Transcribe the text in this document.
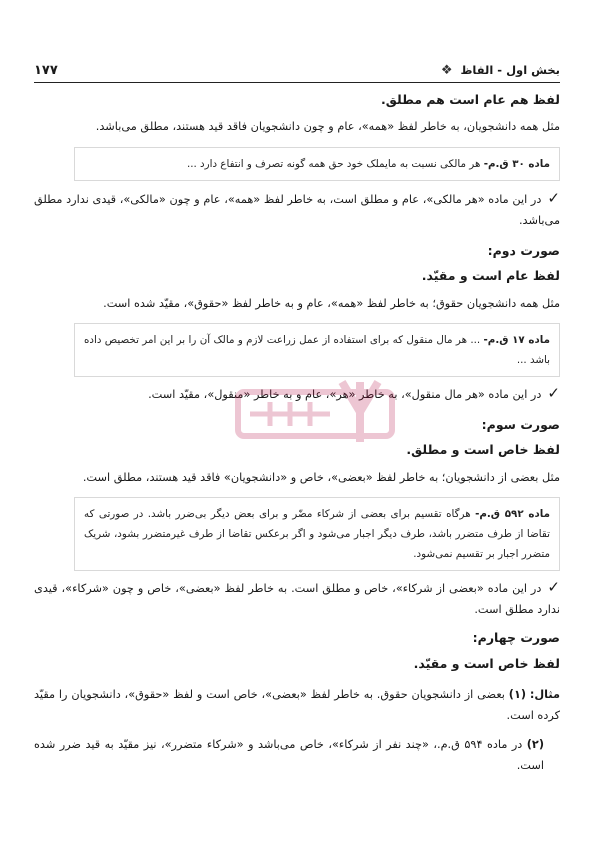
بخش اول - الفاظ
❖
۱۷۷
لفظ هم عام است هم مطلق.
مثل همه دانشجویان، به خاطر لفظ «همه»، عام و چون دانشجویان فاقد قید هستند، مطلق می‌باشد.
ماده ۳۰ ق.م- هر مالکی نسبت به مایملک خود حق همه گونه تصرف و انتفاع دارد ...
✓در این ماده «هر مالکی»، عام و مطلق است، به خاطر لفظ «همه»، عام و چون «مالکی»، قیدی ندارد مطلق می‌باشد.
صورت دوم:
لفظ عام است و مقیّد.
مثل همه دانشجویان حقوق؛ به خاطر لفظ «همه»، عام و به خاطر لفظ «حقوق»، مقیّد شده است.
ماده ۱۷ ق.م- ... هر مال منقول که برای استفاده از عمل زراعت لازم و مالک آن را بر این امر تخصیص داده باشد ...
✓در این ماده «هر مال منقول»، به خاطر «هر»، عام و به خاطر «منقول»، مقیّد است.
صورت سوم:
لفظ خاص است و مطلق.
مثل بعضی از دانشجویان؛ به خاطر لفظ «بعضی»، خاص و «دانشجویان» فاقد قید هستند، مطلق است.
ماده ۵۹۲ ق.م- هرگاه تقسیم برای بعضی از شرکاء مضّر و برای بعض دیگر بی‌ضرر باشد. در صورتی که تقاضا از طرف متضرر باشد، طرف دیگر اجبار می‌شود و اگر برعکس تقاضا از طرف غیرمتضرر بشود، شریک متضرر اجبار بر تقسیم نمی‌شود.
✓در این ماده «بعضی از شرکاء»، خاص و مطلق است. به خاطر لفظ «بعضی»، خاص و چون «شرکاء»، قیدی ندارد مطلق است.
صورت چهارم:
لفظ خاص است و مقیّد.
مثال: (۱) بعضی از دانشجویان حقوق. به خاطر لفظ «بعضی»، خاص است و لفظ «حقوق»، دانشجویان را مقیّد کرده است.
(۲) در ماده ۵۹۴ ق.م.، «چند نفر از شرکاء»، خاص می‌باشد و «شرکاء متضرر»، نیز مقیّد به قید ضرر شده است.
